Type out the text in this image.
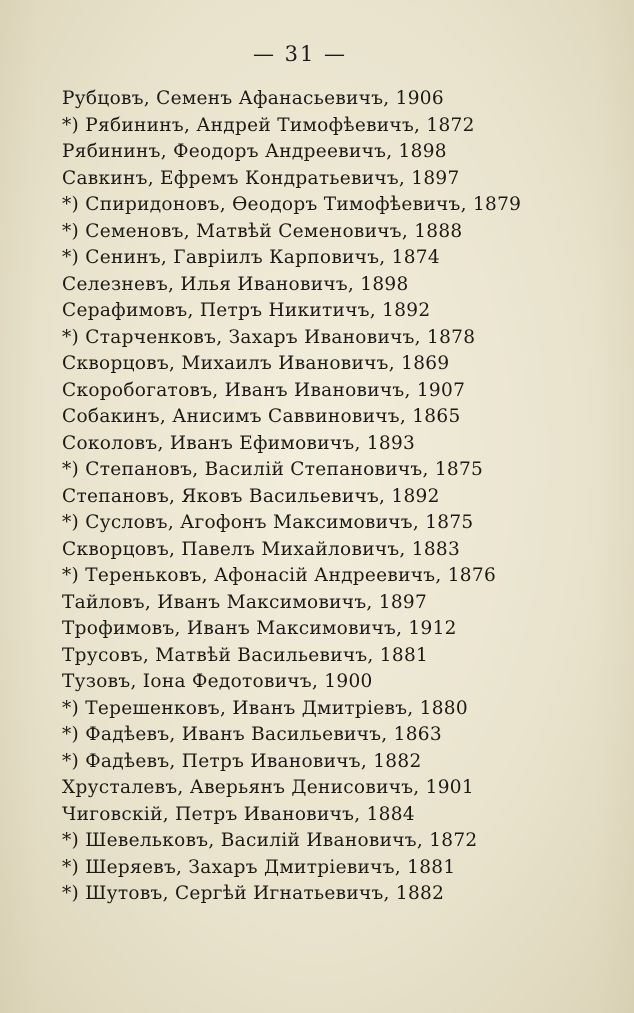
— 31 —
Рубцовъ, Семенъ Афанасьевичъ, 1906
*) Рябининъ, Андрей Тимофѣевичъ, 1872
Рябининъ, Феодоръ Андреевичъ, 1898
Савкинъ, Ефремъ Кондратьевичъ, 1897
*) Спиридоновъ, Ѳеодоръ Тимофѣевичъ, 1879
*) Семеновъ, Матвѣй Семеновичъ, 1888
*) Сенинъ, Гавріилъ Карповичъ, 1874
Селезневъ, Илья Ивановичъ, 1898
Серафимовъ, Петръ Никитичъ, 1892
*) Старченковъ, Захаръ Ивановичъ, 1878
Скворцовъ, Михаилъ Ивановичъ, 1869
Скоробогатовъ, Иванъ Ивановичъ, 1907
Собакинъ, Анисимъ Саввиновичъ, 1865
Соколовъ, Иванъ Ефимовичъ, 1893
*) Степановъ, Василій Степановичъ, 1875
Степановъ, Яковъ Васильевичъ, 1892
*) Сусловъ, Агофонъ Максимовичъ, 1875
Скворцовъ, Павелъ Михайловичъ, 1883
*) Тереньковъ, Афонасій Андреевичъ, 1876
Тайловъ, Иванъ Максимовичъ, 1897
Трофимовъ, Иванъ Максимовичъ, 1912
Трусовъ, Матвѣй Васильевичъ, 1881
Тузовъ, Іона Федотовичъ, 1900
*) Терешенковъ, Иванъ Дмитріевъ, 1880
*) Фадѣевъ, Иванъ Васильевичъ, 1863
*) Фадѣевъ, Петръ Ивановичъ, 1882
Хрусталевъ, Аверьянъ Денисовичъ, 1901
Чиговскій, Петръ Ивановичъ, 1884
*) Шевельковъ, Василій Ивановичъ, 1872
*) Шеряевъ, Захаръ Дмитріевичъ, 1881
*) Шутовъ, Сергѣй Игнатьевичъ, 1882
